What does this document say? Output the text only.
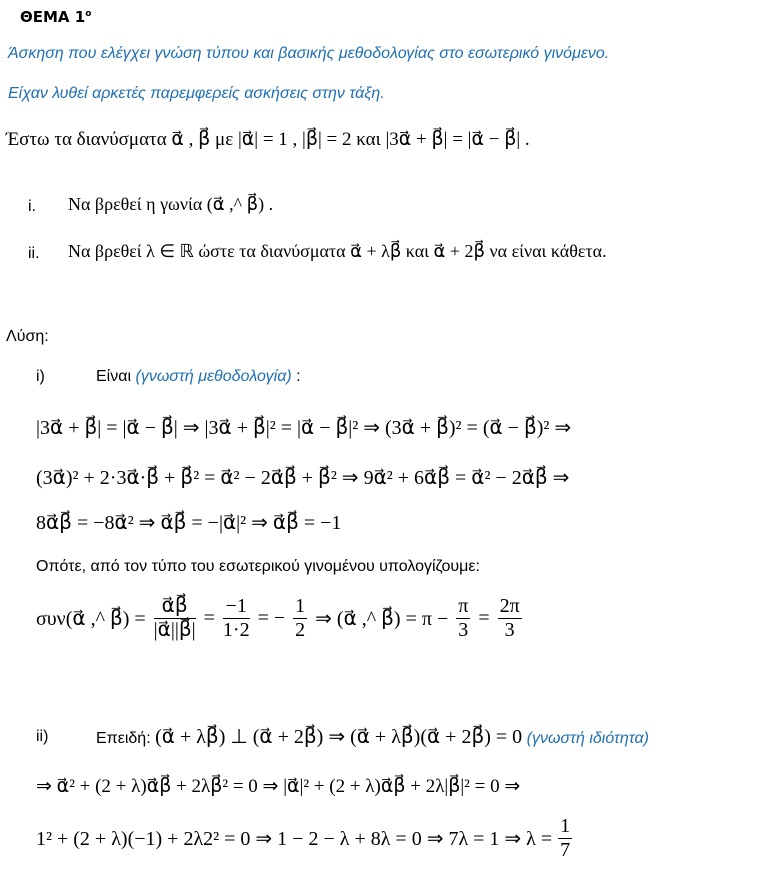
ΘΕΜΑ $1^o$
Άσκηση που ελέγχει γνώση τύπου και βασικής μεθοδολογίας στο εσωτερικό γινόμενο.
Είχαν λυθεί αρκετές παρεμφερείς ασκήσεις στην τάξη.
Έστω τα διανύσματα α⃗ , β⃗ με |α⃗| = 1 , |β⃗| = 2 και |3α⃗ + β⃗| = |α⃗ − β⃗| .
i. Να βρεθεί η γωνία (α⃗ ,^ β⃗) .
ii. Να βρεθεί λ ∈ ℝ ώστε τα διανύσματα α⃗ + λβ⃗ και α⃗ + 2β⃗ να είναι κάθετα.
Λύση:
i)	Είναι (γνωστή μεθοδολογία) :
|3α⃗ + β⃗| = |α⃗ − β⃗| ⇒ |3α⃗ + β⃗|² = |α⃗ − β⃗|² ⇒ (3α⃗ + β⃗)² = (α⃗ − β⃗)² ⇒
(3α⃗)² + 2·3α⃗·β⃗ + β⃗² = α⃗² − 2α⃗β⃗ + β⃗² ⇒ 9α⃗² + 6α⃗β⃗ = α⃗² − 2α⃗β⃗ ⇒
8α⃗β⃗ = −8α⃗² ⇒ α⃗β⃗ = −|α⃗|² ⇒ α⃗β⃗ = −1
Οπότε, από τον τύπο του εσωτερικού γινομένου υπολογίζουμε:
συν(α⃗ ,^ β⃗) = $\frac{\alpha⃗\beta⃗}{|\alpha⃗||\beta⃗|} = \frac{-1}{1\cdot 2}$ = − $\frac{1}{2}$ ⇒ (α⃗ ,^ β⃗) = $\pi - \frac{\pi}{3} = \frac{2\pi}{3}$
ii)	Επειδή: (α⃗ + λβ⃗) ⊥ (α⃗ + 2β⃗) ⇒ (α⃗ + λβ⃗)(α⃗ + 2β⃗) = 0 (γνωστή ιδιότητα)
⇒ α⃗² + (2 + λ)α⃗β⃗ + 2λβ⃗² = 0 ⇒ |α⃗|² + (2 + λ)α⃗β⃗ + 2λ|β⃗|² = 0 ⇒
1² + (2 + λ)(−1) + 2λ2² = 0 ⇒ 1 − 2 − λ + 8λ = 0 ⇒ 7λ = 1 ⇒ $\lambda = \frac{1}{7}$
